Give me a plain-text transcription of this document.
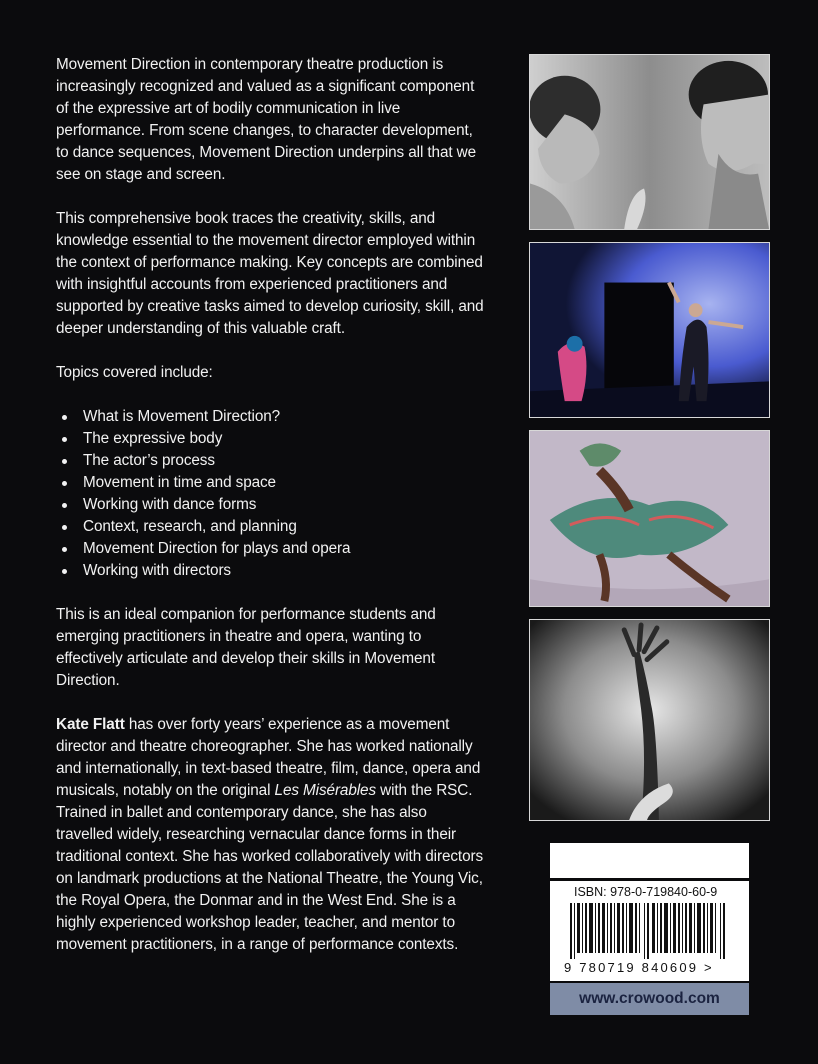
Movement Direction in contemporary theatre production is increasingly recognized and valued as a significant component of the expressive art of bodily communication in live performance. From scene changes, to character development, to dance sequences, Movement Direction underpins all that we see on stage and screen.

This comprehensive book traces the creativity, skills, and knowledge essential to the movement director employed within the context of performance making. Key concepts are combined with insightful accounts from experienced practitioners and supported by creative tasks aimed to develop curiosity, skill, and deeper understanding of this valuable craft.

Topics covered include:

What is Movement Direction?
The expressive body
The actor’s process
Movement in time and space
Working with dance forms
Context, research, and planning
Movement Direction for plays and opera
Working with directors

This is an ideal companion for performance students and emerging practitioners in theatre and opera, wanting to effectively articulate and develop their skills in Movement Direction.

Kate Flatt has over forty years’ experience as a movement director and theatre choreographer. She has worked nationally and internationally, in text-based theatre, film, dance, opera and musicals, notably on the original Les Misérables with the RSC. Trained in ballet and contemporary dance, she has also travelled widely, researching vernacular dance forms in their traditional context. She has worked collaboratively with directors on landmark productions at the National Theatre, the Young Vic, the Royal Opera, the Donmar and in the West End. She is a highly experienced workshop leader, teacher, and mentor to movement practitioners, in a range of performance contexts.

ISBN: 978-0-719840-60-9
9 780719 840609 >
www.crowood.com
